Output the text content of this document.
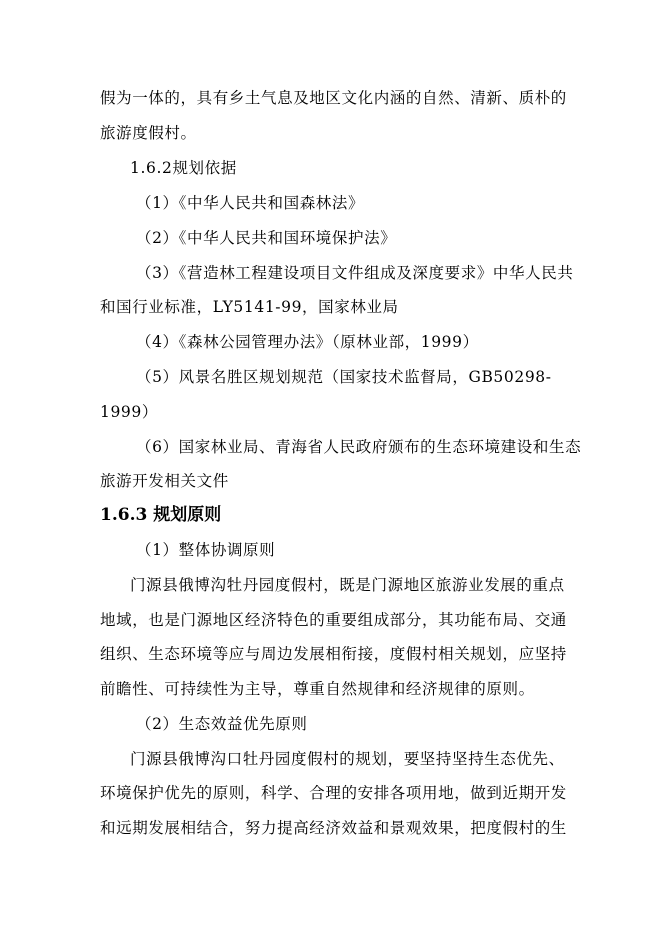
假为一体的，具有乡土气息及地区文化内涵的自然、清新、质朴的
旅游度假村。
1.6.2规划依据
（1）《中华人民共和国森林法》
（2）《中华人民共和国环境保护法》
（3）《营造林工程建设项目文件组成及深度要求》中华人民共
和国行业标准，LY5141-99，国家林业局
（4）《森林公园管理办法》（原林业部，1999）
（5）风景名胜区规划规范（国家技术监督局，GB50298-
1999）
（6）国家林业局、青海省人民政府颁布的生态环境建设和生态
旅游开发相关文件
1.6.3 规划原则
（1）整体协调原则
门源县俄博沟牡丹园度假村，既是门源地区旅游业发展的重点
地域，也是门源地区经济特色的重要组成部分，其功能布局、交通
组织、生态环境等应与周边发展相衔接，度假村相关规划，应坚持
前瞻性、可持续性为主导，尊重自然规律和经济规律的原则。
（2）生态效益优先原则
门源县俄博沟口牡丹园度假村的规划，要坚持坚持生态优先、
环境保护优先的原则，科学、合理的安排各项用地，做到近期开发
和远期发展相结合，努力提高经济效益和景观效果，把度假村的生
